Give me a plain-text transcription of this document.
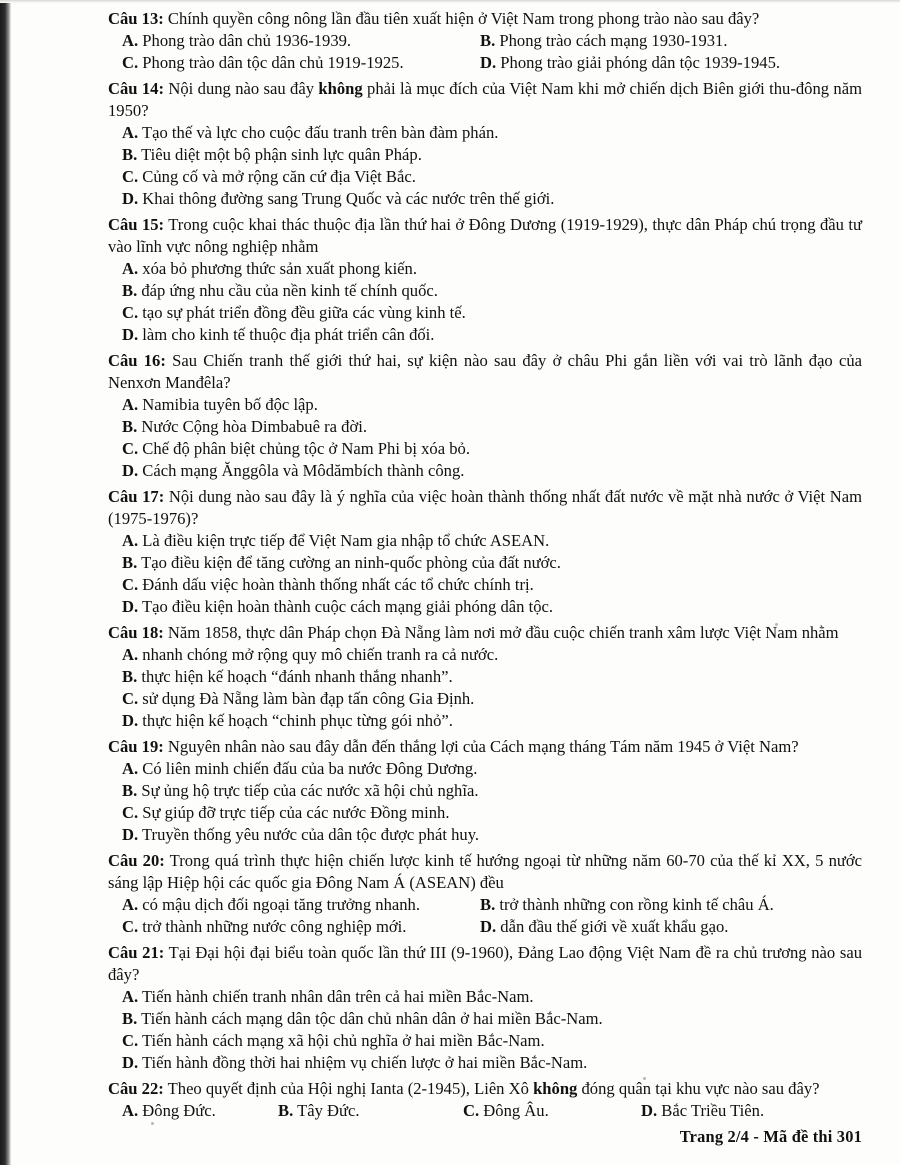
Câu 13: Chính quyền công nông lần đầu tiên xuất hiện ở Việt Nam trong phong trào nào sau đây?

A. Phong trào dân chủ 1936-1939.	B. Phong trào cách mạng 1930-1931.
C. Phong trào dân tộc dân chủ 1919-1925.	D. Phong trào giải phóng dân tộc 1939-1945.

Câu 14: Nội dung nào sau đây không phải là mục đích của Việt Nam khi mở chiến dịch Biên giới thu-đông năm 1950?

A. Tạo thế và lực cho cuộc đấu tranh trên bàn đàm phán.

B. Tiêu diệt một bộ phận sinh lực quân Pháp.

C. Củng cố và mở rộng căn cứ địa Việt Bắc.

D. Khai thông đường sang Trung Quốc và các nước trên thế giới.

Câu 15: Trong cuộc khai thác thuộc địa lần thứ hai ở Đông Dương (1919-1929), thực dân Pháp chú trọng đầu tư vào lĩnh vực nông nghiệp nhằm

A. xóa bỏ phương thức sản xuất phong kiến.

B. đáp ứng nhu cầu của nền kinh tế chính quốc.

C. tạo sự phát triển đồng đều giữa các vùng kinh tế.

D. làm cho kinh tế thuộc địa phát triển cân đối.

Câu 16: Sau Chiến tranh thế giới thứ hai, sự kiện nào sau đây ở châu Phi gắn liền với vai trò lãnh đạo của Nenxơn Manđêla?

A. Namibia tuyên bố độc lập.

B. Nước Cộng hòa Dimbabuê ra đời.

C. Chế độ phân biệt chủng tộc ở Nam Phi bị xóa bỏ.

D. Cách mạng Ănggôla và Môdămbích thành công.

Câu 17: Nội dung nào sau đây là ý nghĩa của việc hoàn thành thống nhất đất nước về mặt nhà nước ở Việt Nam (1975-1976)?

A. Là điều kiện trực tiếp để Việt Nam gia nhập tổ chức ASEAN.

B. Tạo điều kiện để tăng cường an ninh-quốc phòng của đất nước.

C. Đánh dấu việc hoàn thành thống nhất các tổ chức chính trị.

D. Tạo điều kiện hoàn thành cuộc cách mạng giải phóng dân tộc.

Câu 18: Năm 1858, thực dân Pháp chọn Đà Nẵng làm nơi mở đầu cuộc chiến tranh xâm lược Việt Nam nhằm

A. nhanh chóng mở rộng quy mô chiến tranh ra cả nước.

B. thực hiện kế hoạch “đánh nhanh thắng nhanh”.

C. sử dụng Đà Nẵng làm bàn đạp tấn công Gia Định.

D. thực hiện kế hoạch “chinh phục từng gói nhỏ”.

Câu 19: Nguyên nhân nào sau đây dẫn đến thắng lợi của Cách mạng tháng Tám năm 1945 ở Việt Nam?

A. Có liên minh chiến đấu của ba nước Đông Dương.

B. Sự ủng hộ trực tiếp của các nước xã hội chủ nghĩa.

C. Sự giúp đỡ trực tiếp của các nước Đồng minh.

D. Truyền thống yêu nước của dân tộc được phát huy.

Câu 20: Trong quá trình thực hiện chiến lược kinh tế hướng ngoại từ những năm 60-70 của thế kỉ XX, 5 nước sáng lập Hiệp hội các quốc gia Đông Nam Á (ASEAN) đều

A. có mậu dịch đối ngoại tăng trưởng nhanh.	B. trở thành những con rồng kinh tế châu Á.
C. trở thành những nước công nghiệp mới.	D. dẫn đầu thế giới về xuất khẩu gạo.

Câu 21: Tại Đại hội đại biểu toàn quốc lần thứ III (9-1960), Đảng Lao động Việt Nam đề ra chủ trương nào sau đây?

A. Tiến hành chiến tranh nhân dân trên cả hai miền Bắc-Nam.

B. Tiến hành cách mạng dân tộc dân chủ nhân dân ở hai miền Bắc-Nam.

C. Tiến hành cách mạng xã hội chủ nghĩa ở hai miền Bắc-Nam.

D. Tiến hành đồng thời hai nhiệm vụ chiến lược ở hai miền Bắc-Nam.

Câu 22: Theo quyết định của Hội nghị Ianta (2-1945), Liên Xô không đóng quân tại khu vực nào sau đây?

A. Đông Đức.	B. Tây Đức.	C. Đông Âu.	D. Bắc Triều Tiên.
Trang 2/4 - Mã đề thi 301
